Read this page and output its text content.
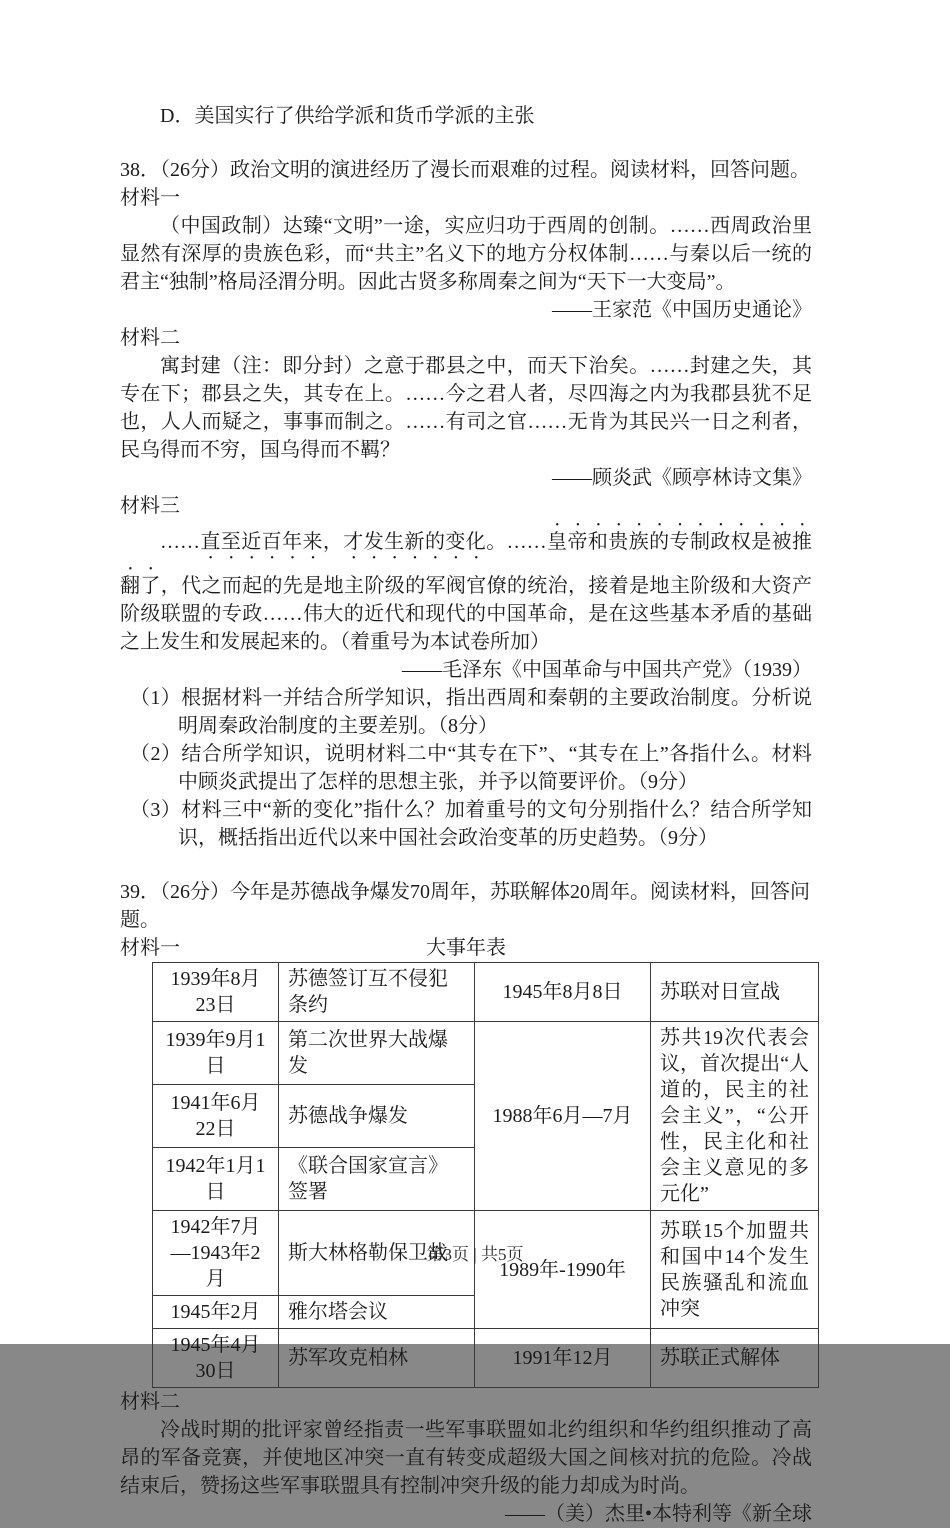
D．美国实行了供给学派和货币学派的主张

38．（26分）政治文明的演进经历了漫长而艰难的过程。阅读材料，回答问题。

材料一

（中国政制）达臻“文明”一途，实应归功于西周的创制。……西周政治里显然有深厚的贵族色彩，而“共主”名义下的地方分权体制……与秦以后一统的君主“独制”格局泾渭分明。因此古贤多称周秦之间为“天下一大变局”。

——王家范《中国历史通论》

材料二

寓封建（注：即分封）之意于郡县之中，而天下治矣。……封建之失，其专在下；郡县之失，其专在上。……今之君人者，尽四海之内为我郡县犹不足也，人人而疑之，事事而制之。……有司之官……无肯为其民兴一日之利者，民乌得而不穷，国乌得而不羁？

——顾炎武《顾亭林诗文集》

材料三

……直至近百年来，才发生新的变化。……皇帝和贵族的专制政权是被推翻了，代之而起的先是地主阶级的军阀官僚的统治，接着是地主阶级和大资产阶级联盟的专政……伟大的近代和现代的中国革命，是在这些基本矛盾的基础之上发生和发展起来的。（着重号为本试卷所加）

——毛泽东《中国革命与中国共产党》（1939）

（1）根据材料一并结合所学知识，指出西周和秦朝的主要政治制度。分析说明周秦政治制度的主要差别。（8分）

（2）结合所学知识，说明材料二中“其专在下”、“其专在上”各指什么。材料中顾炎武提出了怎样的思想主张，并予以简要评价。（9分）

（3）材料三中“新的变化”指什么？加着重号的文句分别指什么？结合所学知识，概括指出近代以来中国社会政治变革的历史趋势。（9分）

39．（26分）今年是苏德战争爆发70周年，苏联解体20周年。阅读材料，回答问题。

材料一	大事年表
1939年8月23日	苏德签订互不侵犯条约	1945年8月8日	苏联对日宣战
1939年9月1日	第二次世界大战爆发	1988年6月—7月	苏共19次代表会议，首次提出“人道的，民主的社会主义”，“公开性，民主化和社会主义意见的多元化”
1941年6月22日	苏德战争爆发		
1942年1月1日	《联合国家宣言》签署		
1942年7月—1943年2月	斯大林格勒保卫战	1989年-1990年	苏联15个加盟共和国中14个发生民族骚乱和流血冲突
1945年2月	雅尔塔会议		
1945年4月30日	苏军攻克柏林	1991年12月	苏联正式解体

材料二

冷战时期的批评家曾经指责一些军事联盟如北约组织和华约组织推动了高昂的军备竞赛，并使地区冲突一直有转变成超级大国之间核对抗的危险。冷战结束后，赞扬这些军事联盟具有控制冲突升级的能力却成为时尚。

——（美）杰里•本特利等《新全球

第3页 | 共5页
